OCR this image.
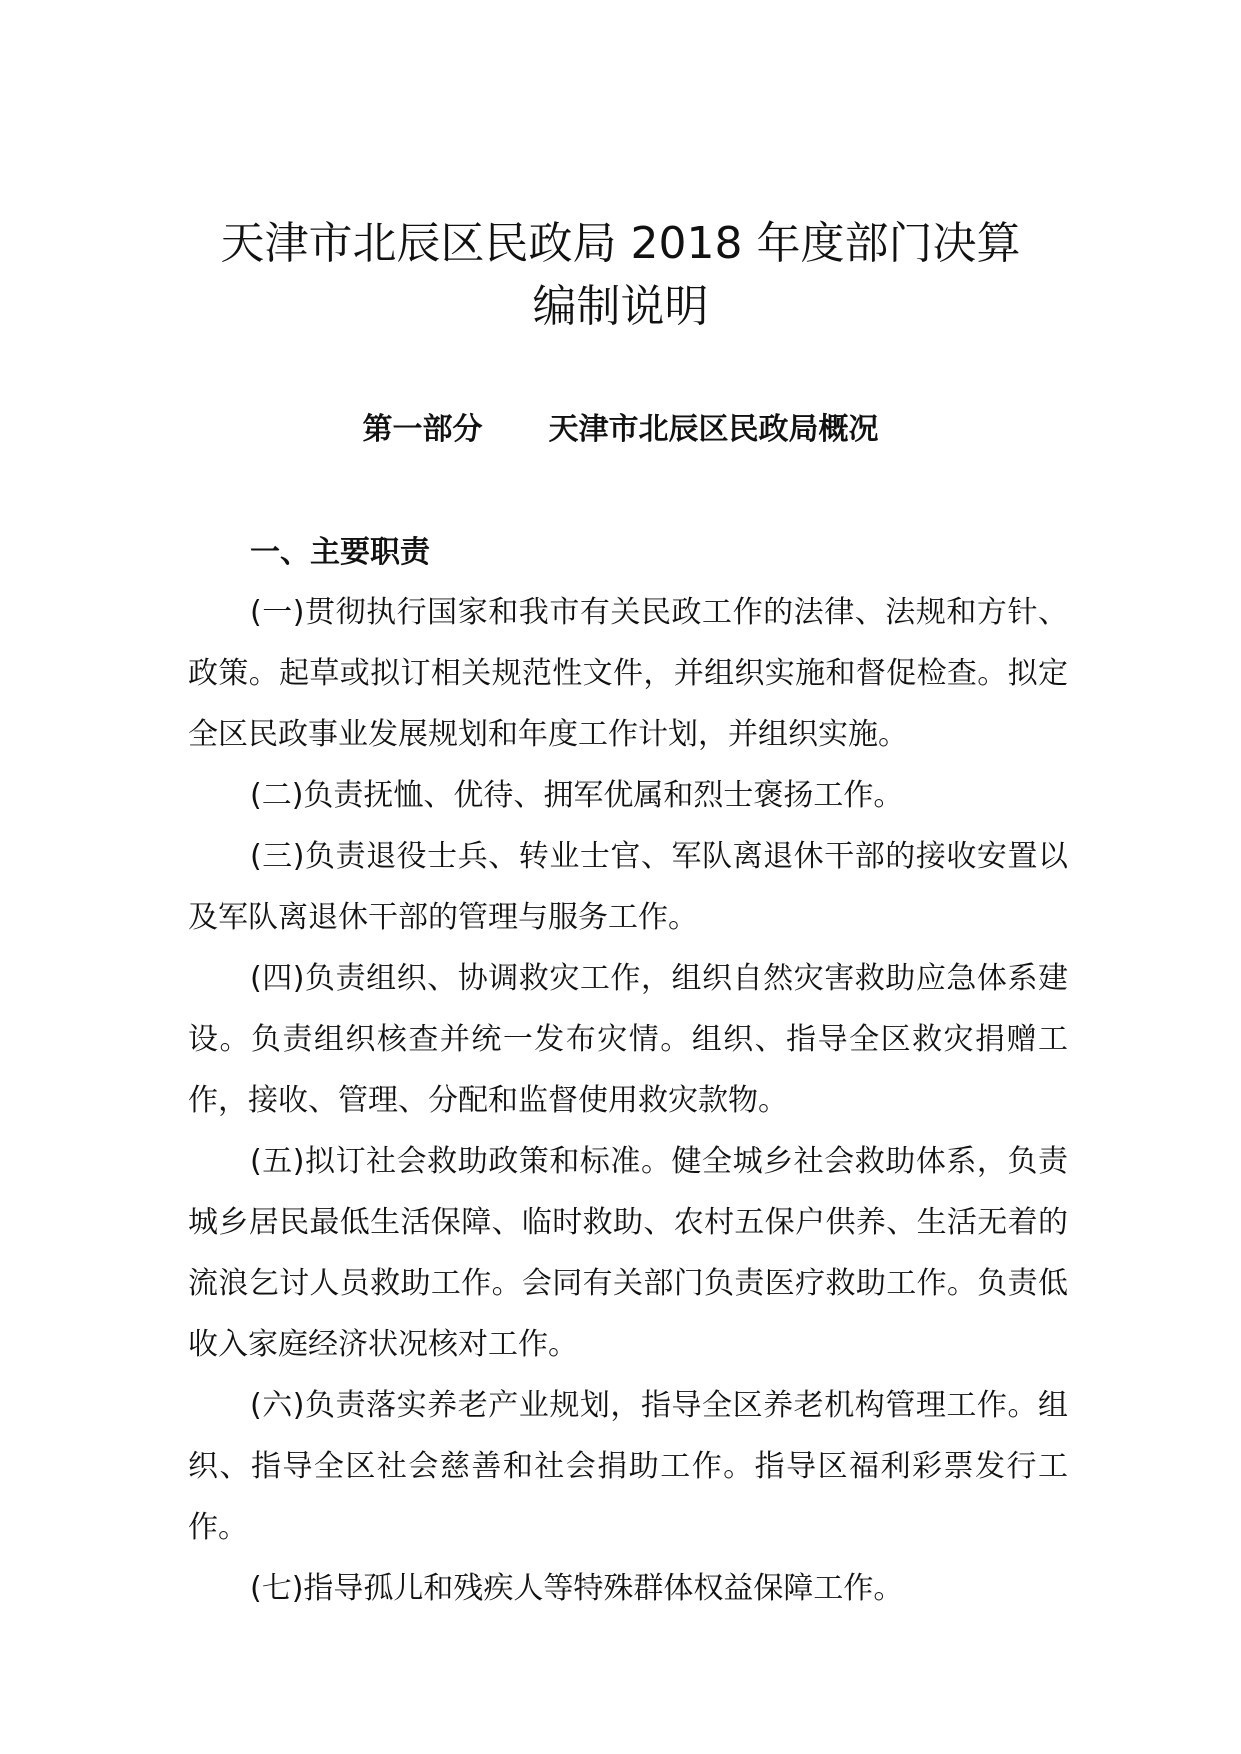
天津市北辰区民政局 2018 年度部门决算
编制说明
第一部分 天津市北辰区民政局概况
一、主要职责

(一)贯彻执行国家和我市有关民政工作的法律、法规和方针、政策。起草或拟订相关规范性文件，并组织实施和督促检查。拟定全区民政事业发展规划和年度工作计划，并组织实施。

(二)负责抚恤、优待、拥军优属和烈士褒扬工作。

(三)负责退役士兵、转业士官、军队离退休干部的接收安置以及军队离退休干部的管理与服务工作。

(四)负责组织、协调救灾工作，组织自然灾害救助应急体系建设。负责组织核查并统一发布灾情。组织、指导全区救灾捐赠工作，接收、管理、分配和监督使用救灾款物。

(五)拟订社会救助政策和标准。健全城乡社会救助体系，负责城乡居民最低生活保障、临时救助、农村五保户供养、生活无着的流浪乞讨人员救助工作。会同有关部门负责医疗救助工作。负责低收入家庭经济状况核对工作。

(六)负责落实养老产业规划，指导全区养老机构管理工作。组织、指导全区社会慈善和社会捐助工作。指导区福利彩票发行工作。

(七)指导孤儿和残疾人等特殊群体权益保障工作。
